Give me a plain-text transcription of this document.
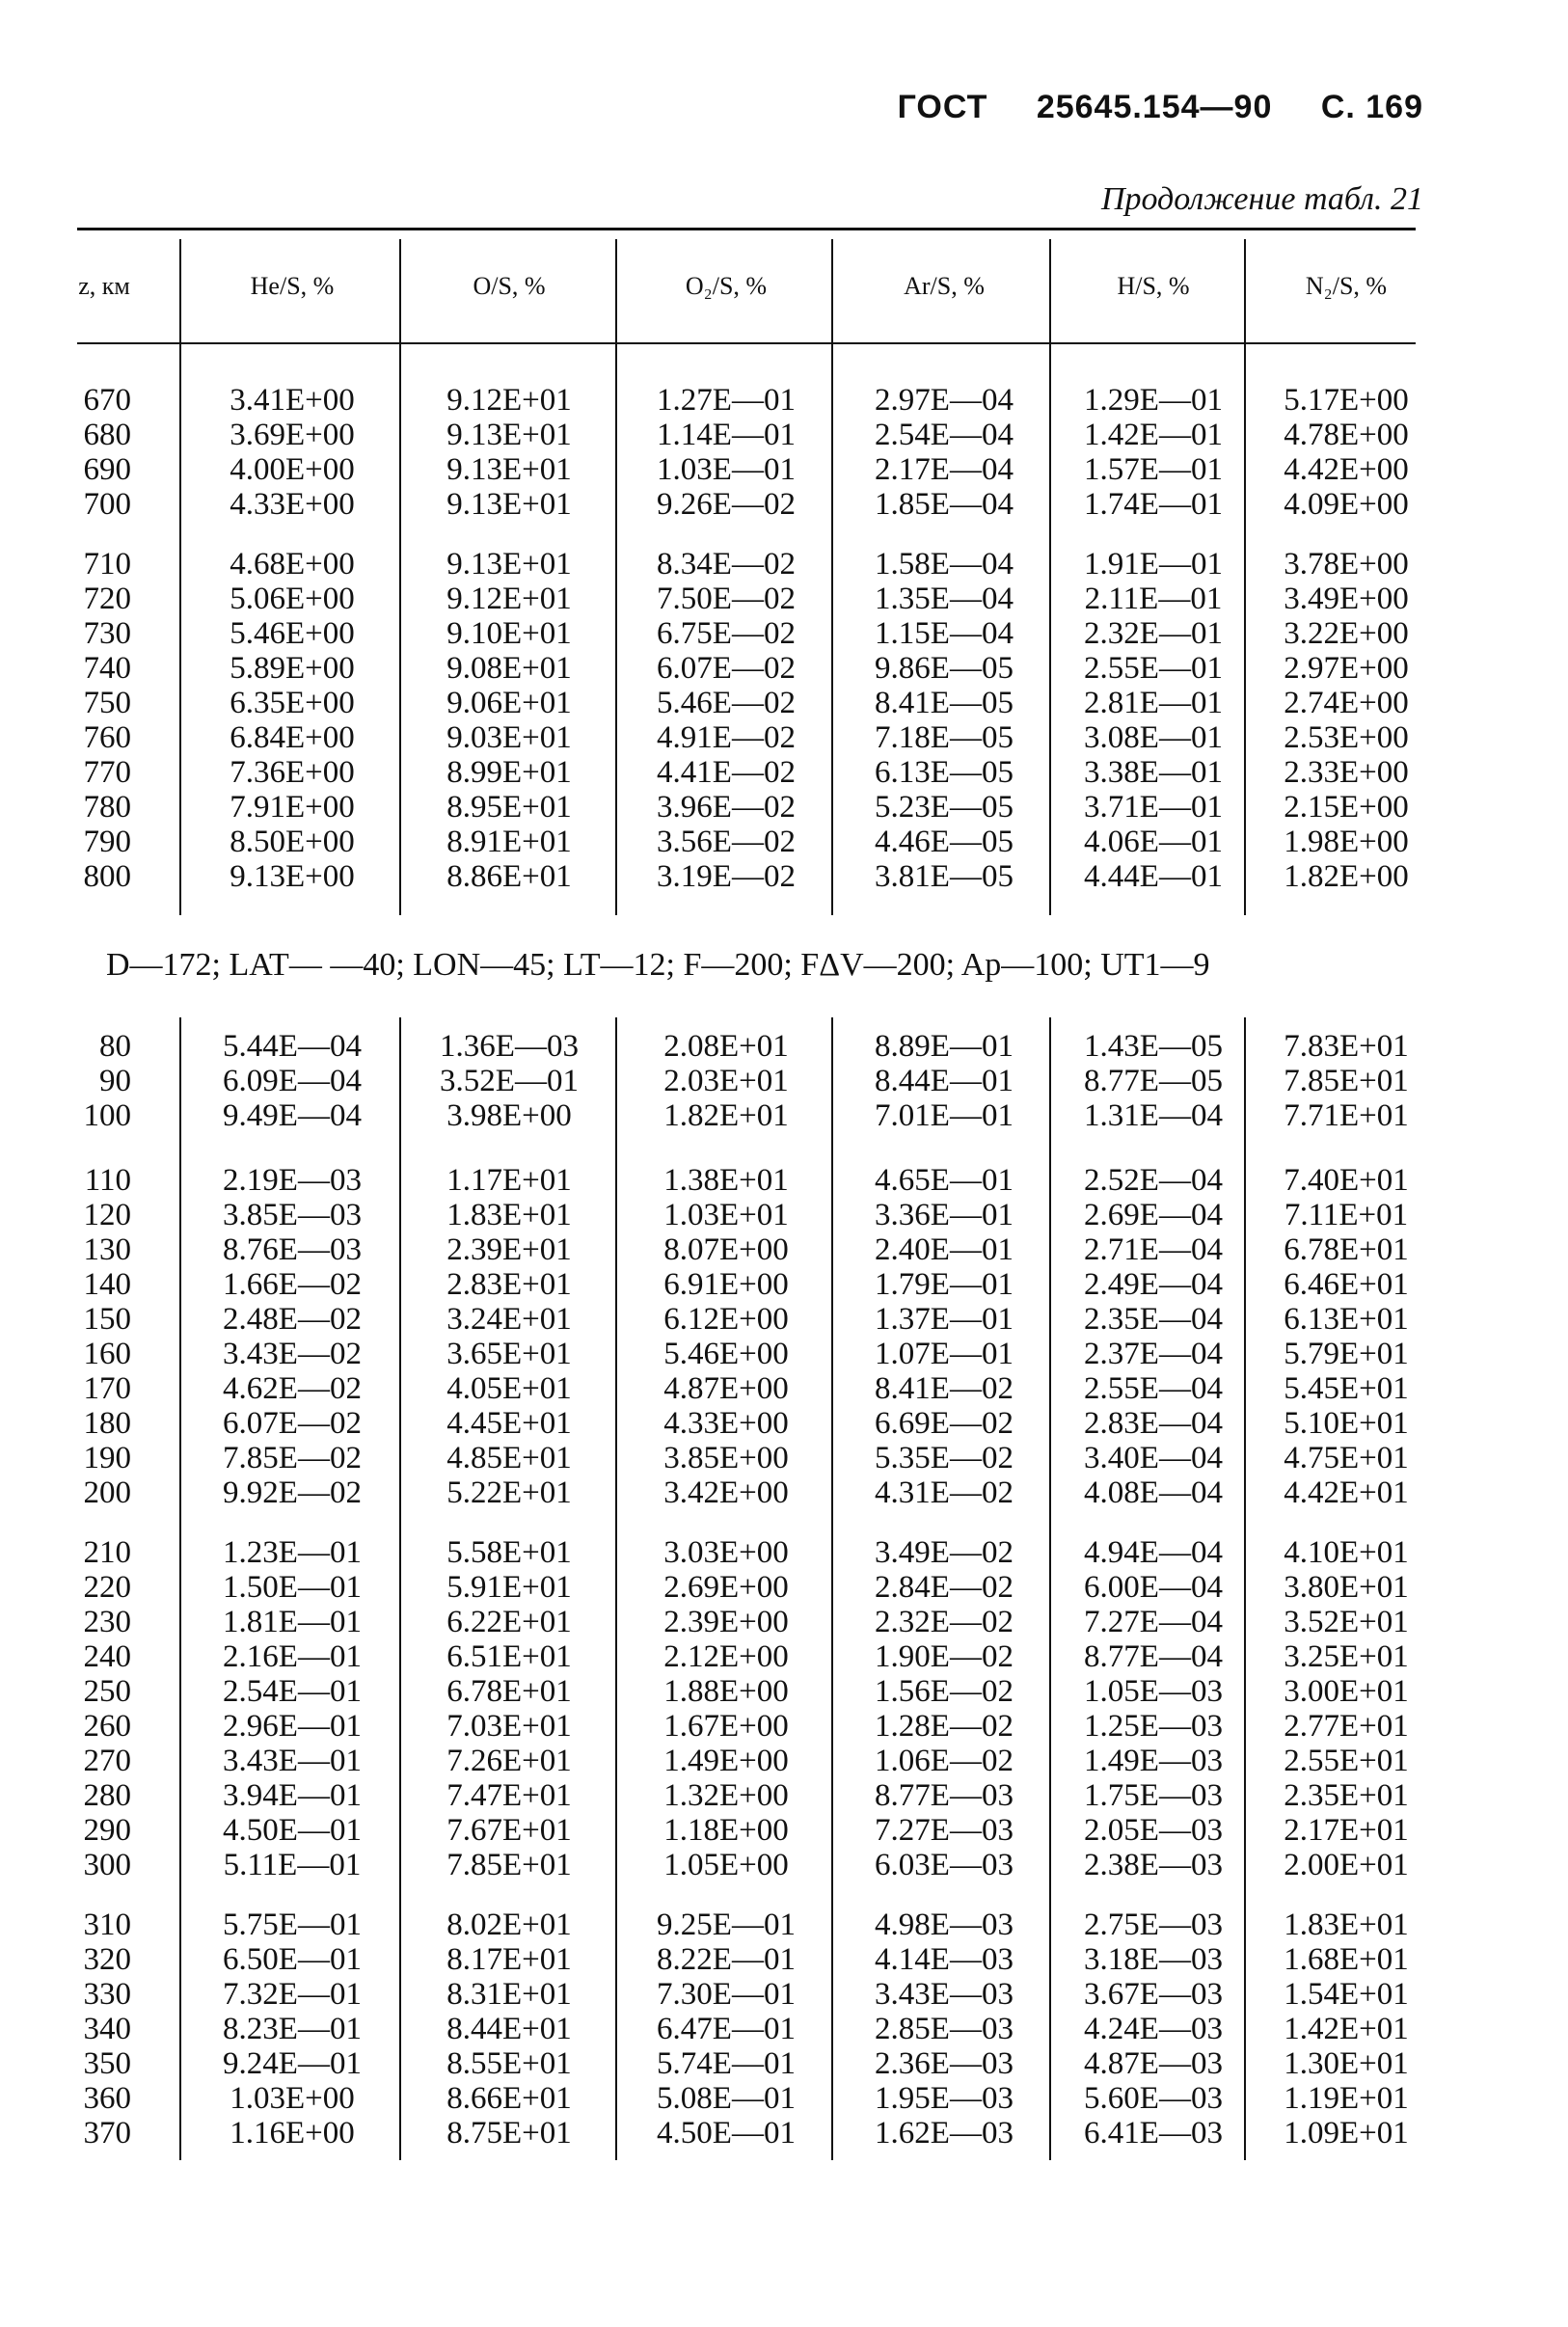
ГОСТ 25645.154—90 С. 169
Продолжение табл. 21
z, км	He/S, %	O/S, %	O₂/S, %	Ar/S, %	H/S, %	N₂/S, %
670	3.41E+00	9.12E+01	1.27E—01	2.97E—04	1.29E—01	5.17E+00
680	3.69E+00	9.13E+01	1.14E—01	2.54E—04	1.42E—01	4.78E+00
690	4.00E+00	9.13E+01	1.03E—01	2.17E—04	1.57E—01	4.42E+00
700	4.33E+00	9.13E+01	9.26E—02	1.85E—04	1.74E—01	4.09E+00
710	4.68E+00	9.13E+01	8.34E—02	1.58E—04	1.91E—01	3.78E+00
720	5.06E+00	9.12E+01	7.50E—02	1.35E—04	2.11E—01	3.49E+00
730	5.46E+00	9.10E+01	6.75E—02	1.15E—04	2.32E—01	3.22E+00
740	5.89E+00	9.08E+01	6.07E—02	9.86E—05	2.55E—01	2.97E+00
750	6.35E+00	9.06E+01	5.46E—02	8.41E—05	2.81E—01	2.74E+00
760	6.84E+00	9.03E+01	4.91E—02	7.18E—05	3.08E—01	2.53E+00
770	7.36E+00	8.99E+01	4.41E—02	6.13E—05	3.38E—01	2.33E+00
780	7.91E+00	8.95E+01	3.96E—02	5.23E—05	3.71E—01	2.15E+00
790	8.50E+00	8.91E+01	3.56E—02	4.46E—05	4.06E—01	1.98E+00
800	9.13E+00	8.86E+01	3.19E—02	3.81E—05	4.44E—01	1.82E+00
80	5.44E—04	1.36E—03	2.08E+01	8.89E—01	1.43E—05	7.83E+01
90	6.09E—04	3.52E—01	2.03E+01	8.44E—01	8.77E—05	7.85E+01
100	9.49E—04	3.98E+00	1.82E+01	7.01E—01	1.31E—04	7.71E+01
110	2.19E—03	1.17E+01	1.38E+01	4.65E—01	2.52E—04	7.40E+01
120	3.85E—03	1.83E+01	1.03E+01	3.36E—01	2.69E—04	7.11E+01
130	8.76E—03	2.39E+01	8.07E+00	2.40E—01	2.71E—04	6.78E+01
140	1.66E—02	2.83E+01	6.91E+00	1.79E—01	2.49E—04	6.46E+01
150	2.48E—02	3.24E+01	6.12E+00	1.37E—01	2.35E—04	6.13E+01
160	3.43E—02	3.65E+01	5.46E+00	1.07E—01	2.37E—04	5.79E+01
170	4.62E—02	4.05E+01	4.87E+00	8.41E—02	2.55E—04	5.45E+01
180	6.07E—02	4.45E+01	4.33E+00	6.69E—02	2.83E—04	5.10E+01
190	7.85E—02	4.85E+01	3.85E+00	5.35E—02	3.40E—04	4.75E+01
200	9.92E—02	5.22E+01	3.42E+00	4.31E—02	4.08E—04	4.42E+01
210	1.23E—01	5.58E+01	3.03E+00	3.49E—02	4.94E—04	4.10E+01
220	1.50E—01	5.91E+01	2.69E+00	2.84E—02	6.00E—04	3.80E+01
230	1.81E—01	6.22E+01	2.39E+00	2.32E—02	7.27E—04	3.52E+01
240	2.16E—01	6.51E+01	2.12E+00	1.90E—02	8.77E—04	3.25E+01
250	2.54E—01	6.78E+01	1.88E+00	1.56E—02	1.05E—03	3.00E+01
260	2.96E—01	7.03E+01	1.67E+00	1.28E—02	1.25E—03	2.77E+01
270	3.43E—01	7.26E+01	1.49E+00	1.06E—02	1.49E—03	2.55E+01
280	3.94E—01	7.47E+01	1.32E+00	8.77E—03	1.75E—03	2.35E+01
290	4.50E—01	7.67E+01	1.18E+00	7.27E—03	2.05E—03	2.17E+01
300	5.11E—01	7.85E+01	1.05E+00	6.03E—03	2.38E—03	2.00E+01
310	5.75E—01	8.02E+01	9.25E—01	4.98E—03	2.75E—03	1.83E+01
320	6.50E—01	8.17E+01	8.22E—01	4.14E—03	3.18E—03	1.68E+01
330	7.32E—01	8.31E+01	7.30E—01	3.43E—03	3.67E—03	1.54E+01
340	8.23E—01	8.44E+01	6.47E—01	2.85E—03	4.24E—03	1.42E+01
350	9.24E—01	8.55E+01	5.74E—01	2.36E—03	4.87E—03	1.30E+01
360	1.03E+00	8.66E+01	5.08E—01	1.95E—03	5.60E—03	1.19E+01
370	1.16E+00	8.75E+01	4.50E—01	1.62E—03	6.41E—03	1.09E+01
D—172; LAT— —40; LON—45; LT—12; F—200; FΔV—200; Aр—100; UT1—9
